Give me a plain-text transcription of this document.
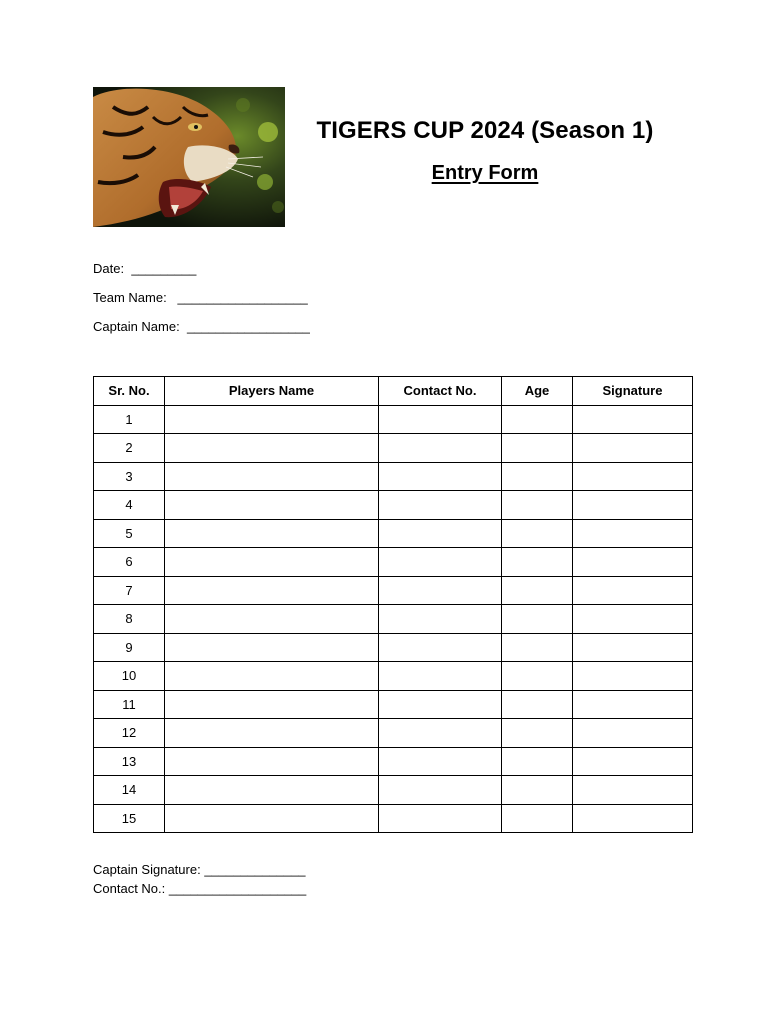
TIGERS CUP 2024 (Season 1)
Entry Form
Date: _________
Team Name: __________________
Captain Name: _________________
Sr. No.	Players Name	Contact No.	Age	Signature
1				
2				
3				
4				
5				
6				
7				
8				
9				
10				
11				
12				
13				
14				
15				
Captain Signature: ______________
Contact No.: ___________________
